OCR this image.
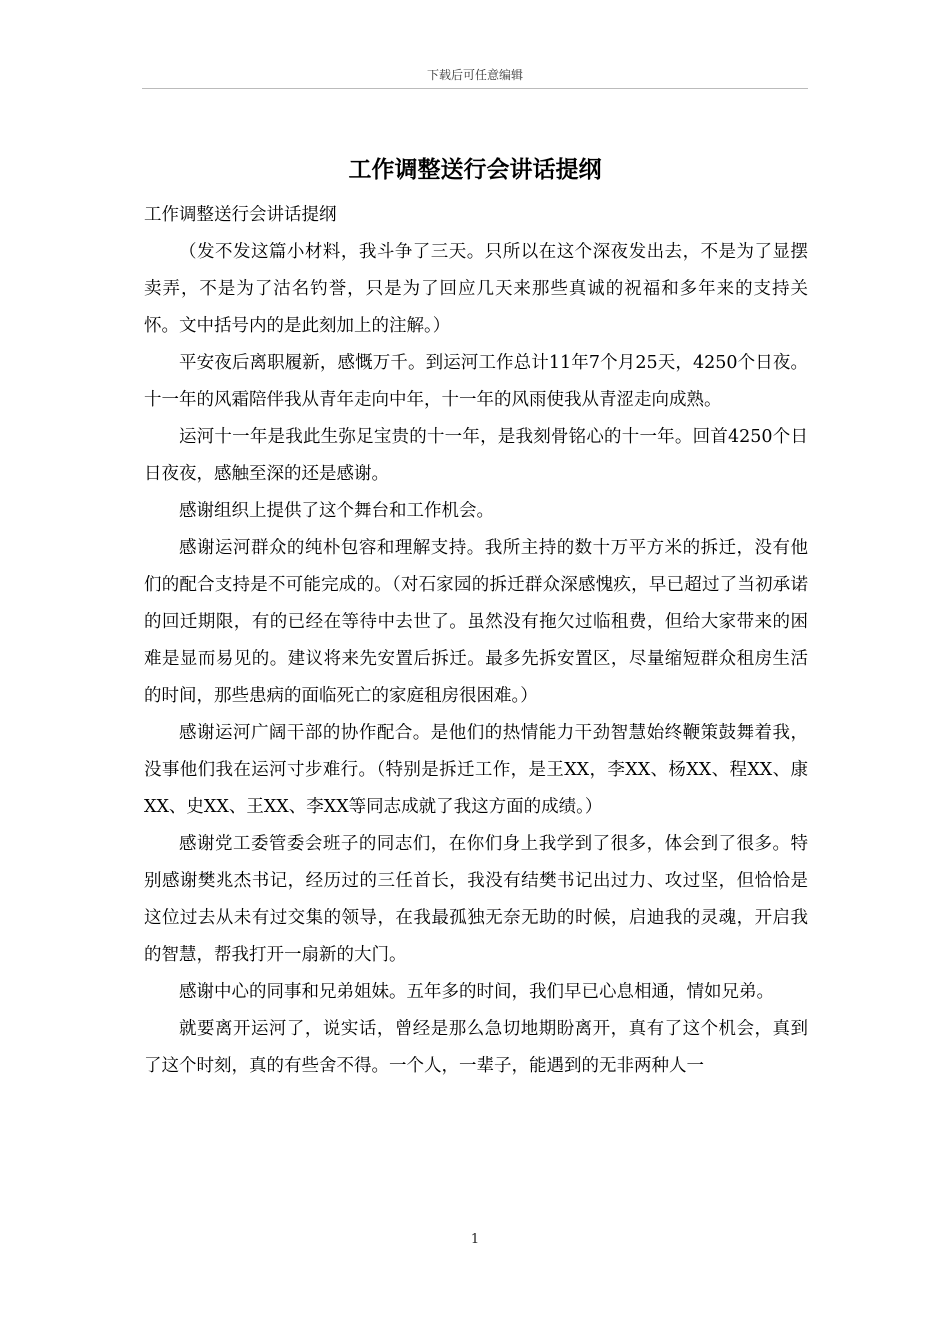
下载后可任意编辑
工作调整送行会讲话提纲

工作调整送行会讲话提纲

（发不发这篇小材料，我斗争了三天。只所以在这个深夜发出去，不是为了显摆卖弄，不是为了沽名钓誉，只是为了回应几天来那些真诚的祝福和多年来的支持关怀。文中括号内的是此刻加上的注解。）

平安夜后离职履新，感慨万千。到运河工作总计11年7个月25天，4250个日夜。十一年的风霜陪伴我从青年走向中年，十一年的风雨使我从青涩走向成熟。

运河十一年是我此生弥足宝贵的十一年，是我刻骨铭心的十一年。回首4250个日日夜夜，感触至深的还是感谢。

感谢组织上提供了这个舞台和工作机会。

感谢运河群众的纯朴包容和理解支持。我所主持的数十万平方米的拆迁，没有他们的配合支持是不可能完成的。（对石家园的拆迁群众深感愧疚，早已超过了当初承诺的回迁期限，有的已经在等待中去世了。虽然没有拖欠过临租费，但给大家带来的困难是显而易见的。建议将来先安置后拆迁。最多先拆安置区，尽量缩短群众租房生活的时间，那些患病的面临死亡的家庭租房很困难。）

感谢运河广阔干部的协作配合。是他们的热情能力干劲智慧始终鞭策鼓舞着我，没事他们我在运河寸步难行。（特别是拆迁工作，是王XX，李XX、杨XX、程XX、康XX、史XX、王XX、李XX等同志成就了我这方面的成绩。）

感谢党工委管委会班子的同志们，在你们身上我学到了很多，体会到了很多。特别感谢樊兆杰书记，经历过的三任首长，我没有结樊书记出过力、攻过坚，但恰恰是这位过去从未有过交集的领导，在我最孤独无奈无助的时候，启迪我的灵魂，开启我的智慧，帮我打开一扇新的大门。

感谢中心的同事和兄弟姐妹。五年多的时间，我们早已心息相通，情如兄弟。

就要离开运河了，说实话，曾经是那么急切地期盼离开，真有了这个机会，真到了这个时刻，真的有些舍不得。一个人，一辈子，能遇到的无非两种人一

1
